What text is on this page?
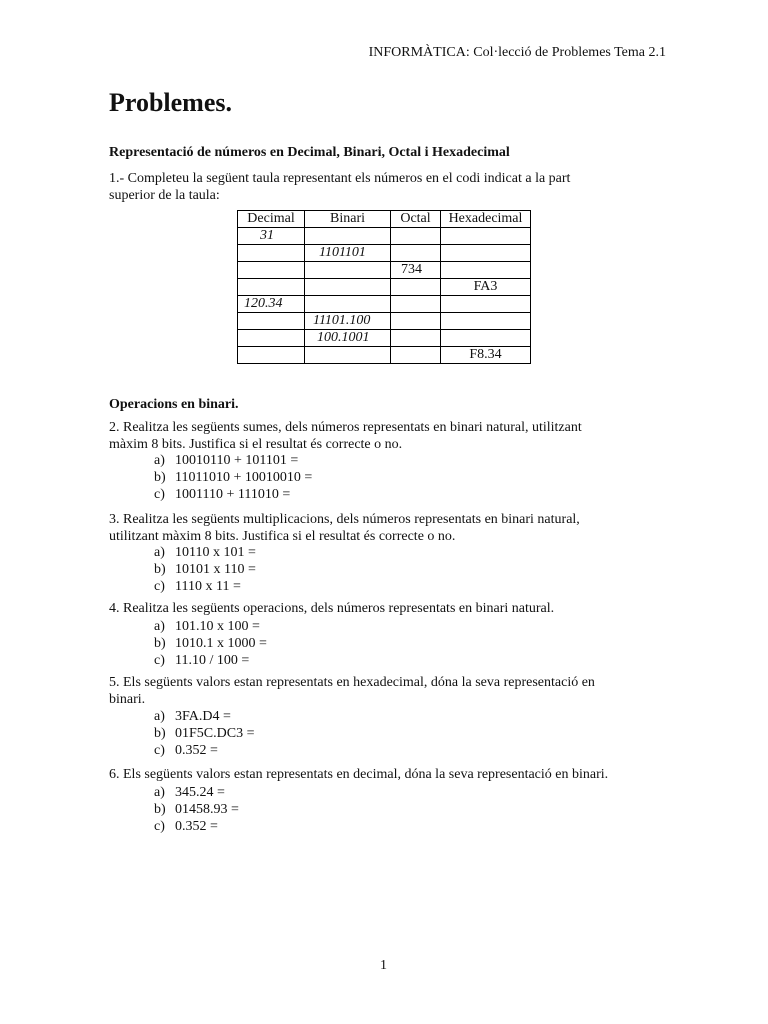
INFORMÀTICA: Col·lecció de Problemes Tema 2.1
Problemes.
Representació de números en Decimal, Binari, Octal i Hexadecimal
1.- Completeu la següent taula representant els números en el codi indicat a la part
superior de la taula:
Decimal	Binari	Octal	Hexadecimal
31			
	1101101		
		734	
			FA3
120.34			
	11101.100		
	100.1001		
			F8.34
Operacions en binari.
2. Realitza les següents sumes, dels números representats en binari natural, utilitzant
màxim 8 bits. Justifica si el resultat és correcte o no.
a) 10010110 + 101101 =
b) 11011010 + 10010010 =
c) 1001110 + 111010 =
3. Realitza les següents multiplicacions, dels números representats en binari natural,
utilitzant màxim 8 bits. Justifica si el resultat és correcte o no.
a) 10110 x 101 =
b) 10101 x 110 =
c) 1110 x 11 =
4. Realitza les següents operacions, dels números representats en binari natural.
a) 101.10 x 100 =
b) 1010.1 x 1000 =
c) 11.10 / 100 =
5. Els següents valors estan representats en hexadecimal, dóna la seva representació en
binari.
a) 3FA.D4 =
b) 01F5C.DC3 =
c) 0.352 =
6. Els següents valors estan representats en decimal, dóna la seva representació en binari.
a) 345.24 =
b) 01458.93 =
c) 0.352 =
1
